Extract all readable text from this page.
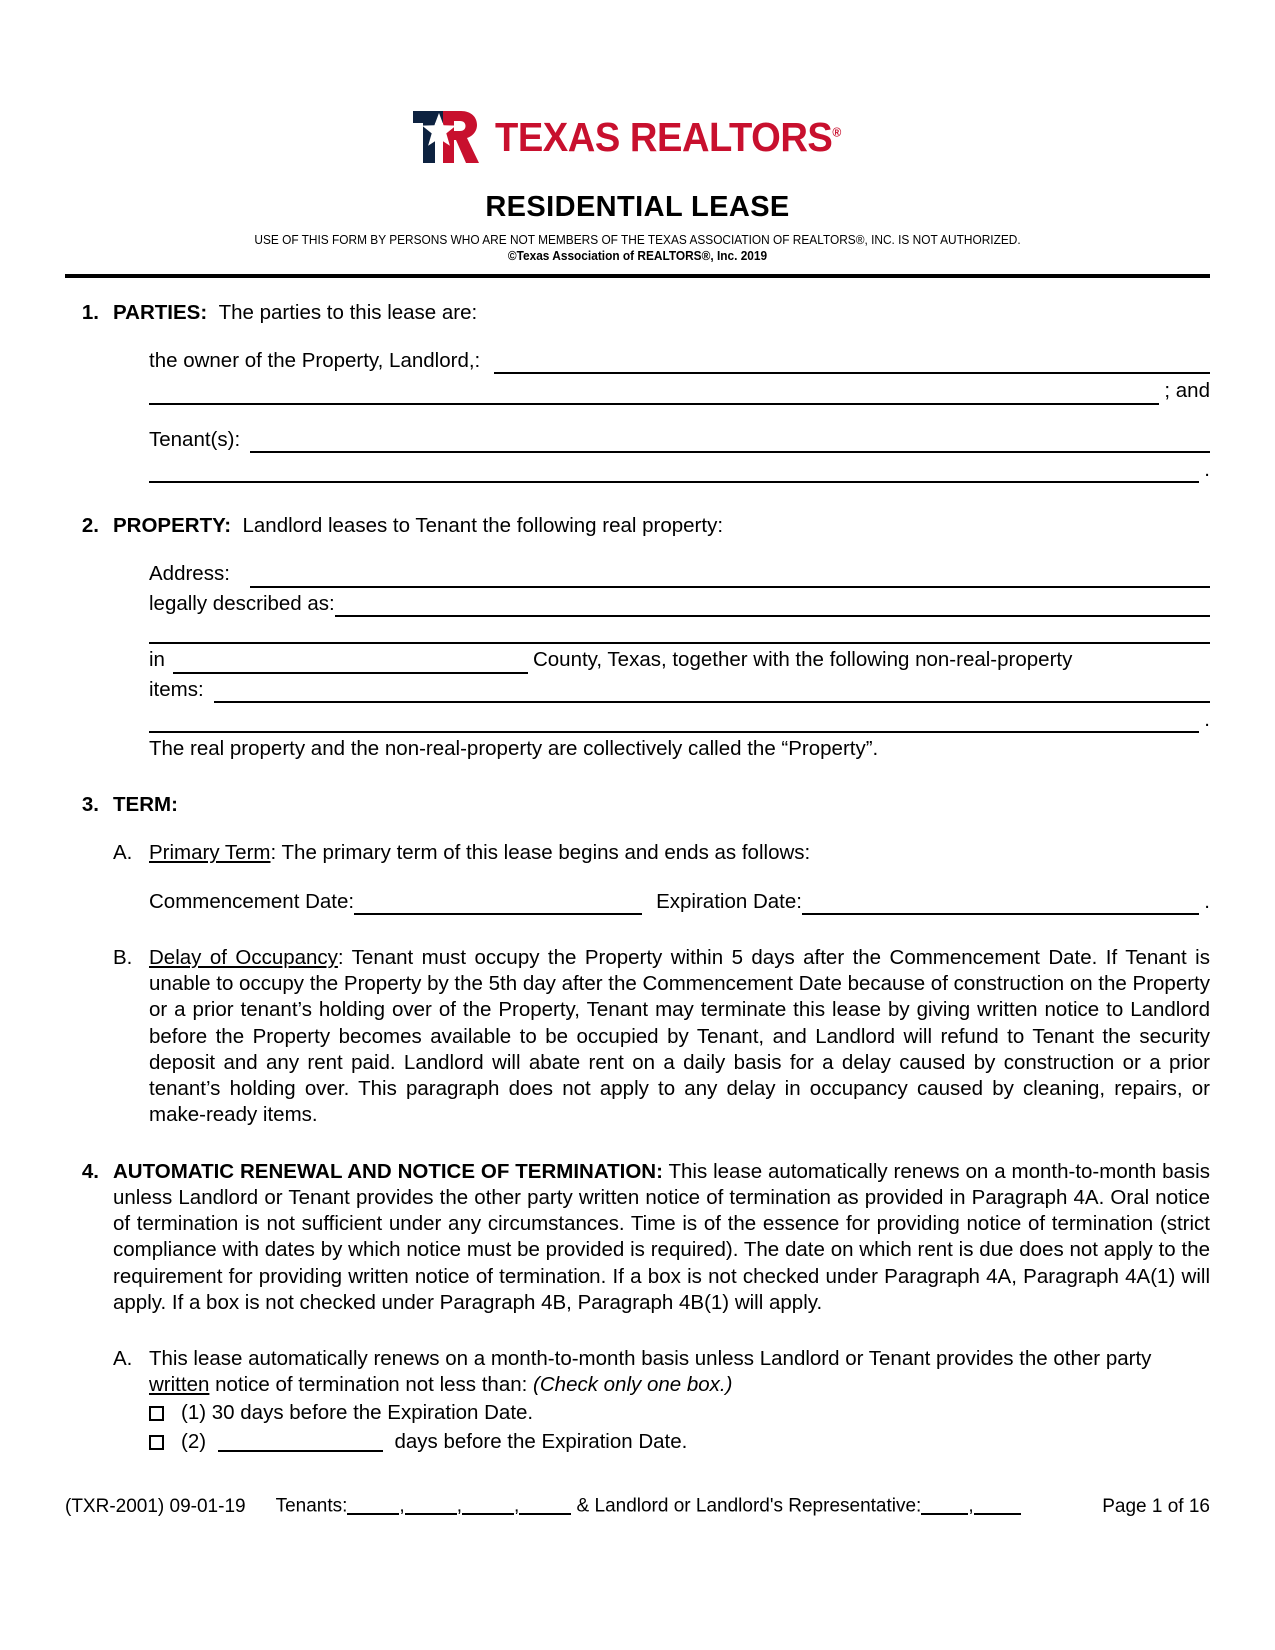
TEXAS REALTORS®
RESIDENTIAL LEASE
USE OF THIS FORM BY PERSONS WHO ARE NOT MEMBERS OF THE TEXAS ASSOCIATION OF REALTORS®, INC. IS NOT AUTHORIZED.
©Texas Association of REALTORS®, Inc. 2019
1. PARTIES: The parties to this lease are:
the owner of the Property, Landlord,:
; and
Tenant(s):
.
2. PROPERTY: Landlord leases to Tenant the following real property:
Address:
legally described as:
in	County, Texas, together with the following non-real-property
items:
.
The real property and the non-real-property are collectively called the “Property”.
3. TERM:
A. Primary Term: The primary term of this lease begins and ends as follows:
Commencement Date:	Expiration Date:	.
B. Delay of Occupancy: Tenant must occupy the Property within 5 days after the Commencement Date. If Tenant is unable to occupy the Property by the 5th day after the Commencement Date because of construction on the Property or a prior tenant’s holding over of the Property, Tenant may terminate this lease by giving written notice to Landlord before the Property becomes available to be occupied by Tenant, and Landlord will refund to Tenant the security deposit and any rent paid. Landlord will abate rent on a daily basis for a delay caused by construction or a prior tenant’s holding over. This paragraph does not apply to any delay in occupancy caused by cleaning, repairs, or make-ready items.
4. AUTOMATIC RENEWAL AND NOTICE OF TERMINATION: This lease automatically renews on a month-to-month basis unless Landlord or Tenant provides the other party written notice of termination as provided in Paragraph 4A. Oral notice of termination is not sufficient under any circumstances. Time is of the essence for providing notice of termination (strict compliance with dates by which notice must be provided is required). The date on which rent is due does not apply to the requirement for providing written notice of termination. If a box is not checked under Paragraph 4A, Paragraph 4A(1) will apply. If a box is not checked under Paragraph 4B, Paragraph 4B(1) will apply.
A. This lease automatically renews on a month-to-month basis unless Landlord or Tenant provides the other party written notice of termination not less than: (Check only one box.)
(1) 30 days before the Expiration Date.
(2)	days before the Expiration Date.
(TXR-2001) 09-01-19 Tenants:	,	,	,	& Landlord or Landlord's Representative: ,	Page 1 of 16
